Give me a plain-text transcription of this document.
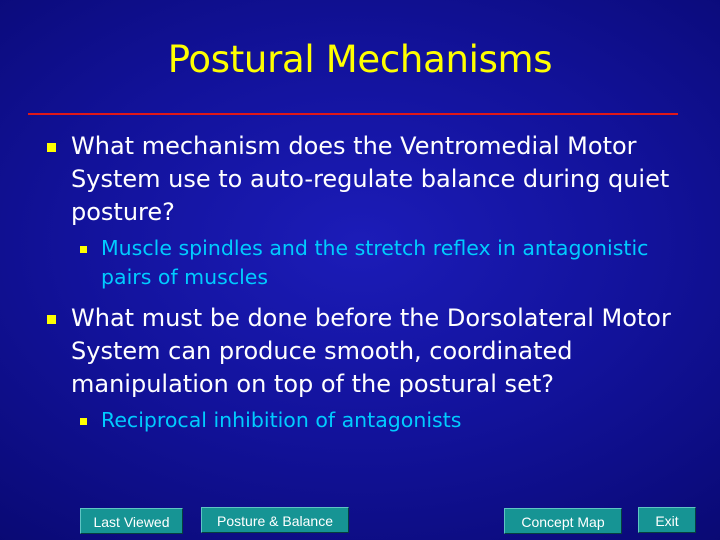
Postural Mechanisms
What mechanism does the Ventromedial Motor System use to auto-regulate balance during quiet posture?
Muscle spindles and the stretch reflex in antagonistic pairs of muscles
What must be done before the Dorsolateral Motor System can produce smooth, coordinated manipulation on top of the postural set?
Reciprocal inhibition of antagonists
Last Viewed	Posture & Balance	Concept Map	Exit
